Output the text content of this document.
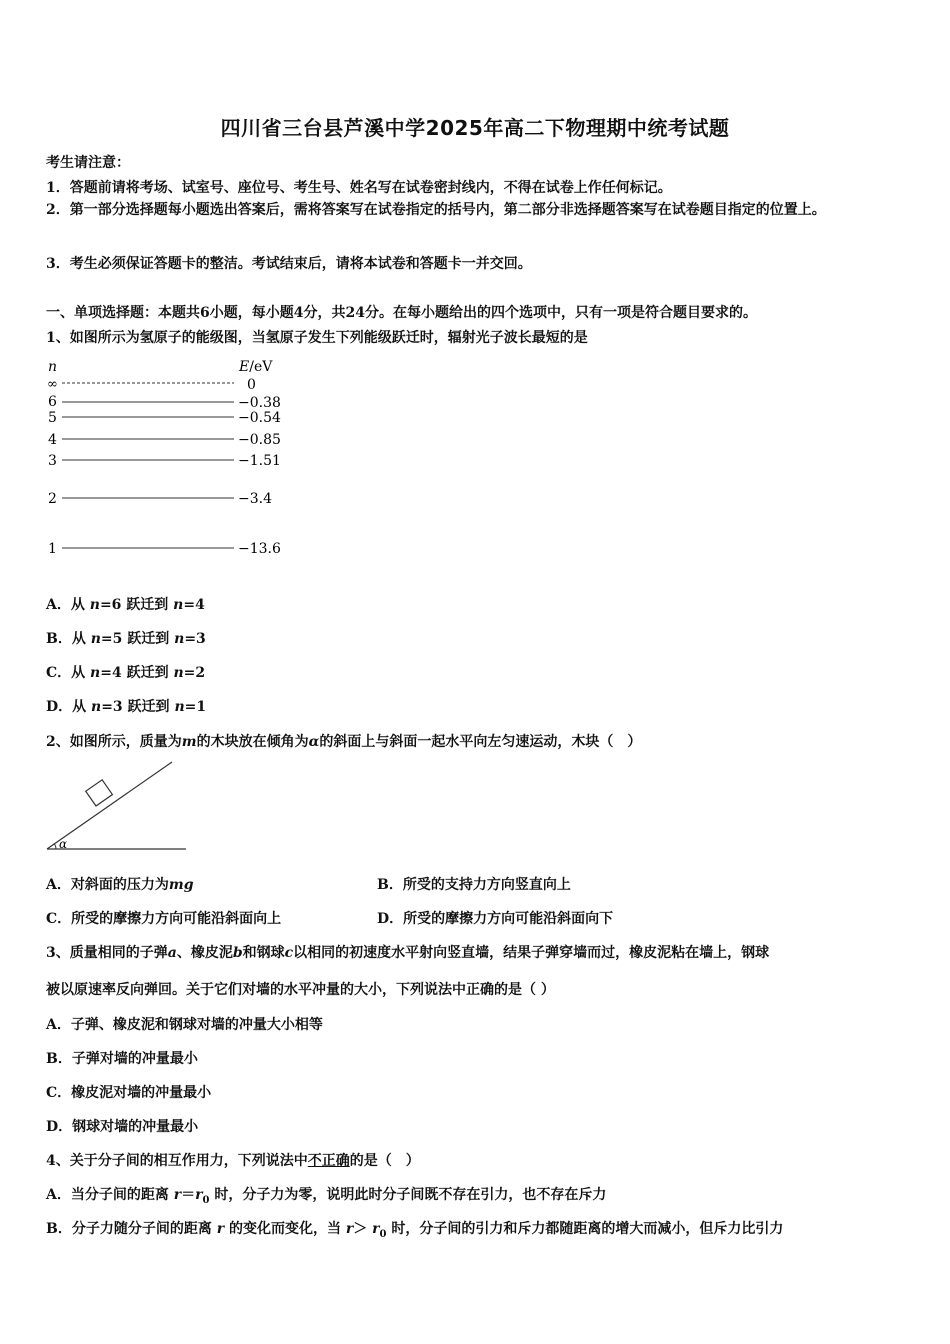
四川省三台县芦溪中学2025年高二下物理期中统考试题
考生请注意：
1．答题前请将考场、试室号、座位号、考生号、姓名写在试卷密封线内，不得在试卷上作任何标记。
2．第一部分选择题每小题选出答案后，需将答案写在试卷指定的括号内，第二部分非选择题答案写在试卷题目指定的位置上。
3．考生必须保证答题卡的整洁。考试结束后，请将本试卷和答题卡一并交回。
一、单项选择题：本题共6小题，每小题4分，共24分。在每小题给出的四个选项中，只有一项是符合题目要求的。
1、如图所示为氢原子的能级图，当氢原子发生下列能级跃迁时，辐射光子波长最短的是
n	E/eV
∞	0
6	−0.38
5	−0.54
4	−0.85
3	−1.51
2	−3.4
1	−13.6
A．从 n=6 跃迁到 n=4
B．从 n=5 跃迁到 n=3
C．从 n=4 跃迁到 n=2
D．从 n=3 跃迁到 n=1
2、如图所示，质量为m的木块放在倾角为α的斜面上与斜面一起水平向左匀速运动，木块（　）
α
A．对斜面的压力为mg	B．所受的支持力方向竖直向上
C．所受的摩擦力方向可能沿斜面向上	D．所受的摩擦力方向可能沿斜面向下
3、质量相同的子弹a、橡皮泥b和钢球c以相同的初速度水平射向竖直墙，结果子弹穿墙而过，橡皮泥粘在墙上，钢球
被以原速率反向弹回。关于它们对墙的水平冲量的大小，下列说法中正确的是（ ）
A．子弹、橡皮泥和钢球对墙的冲量大小相等
B．子弹对墙的冲量最小
C．橡皮泥对墙的冲量最小
D．钢球对墙的冲量最小
4、关于分子间的相互作用力，下列说法中不正确的是（　）
A．当分子间的距离 $r=r_0$ 时，分子力为零，说明此时分子间既不存在引力，也不存在斥力
B．分子力随分子间的距离 r 的变化而变化，当 $r> r_0$ 时，分子间的引力和斥力都随距离的增大而减小，但斥力比引力
